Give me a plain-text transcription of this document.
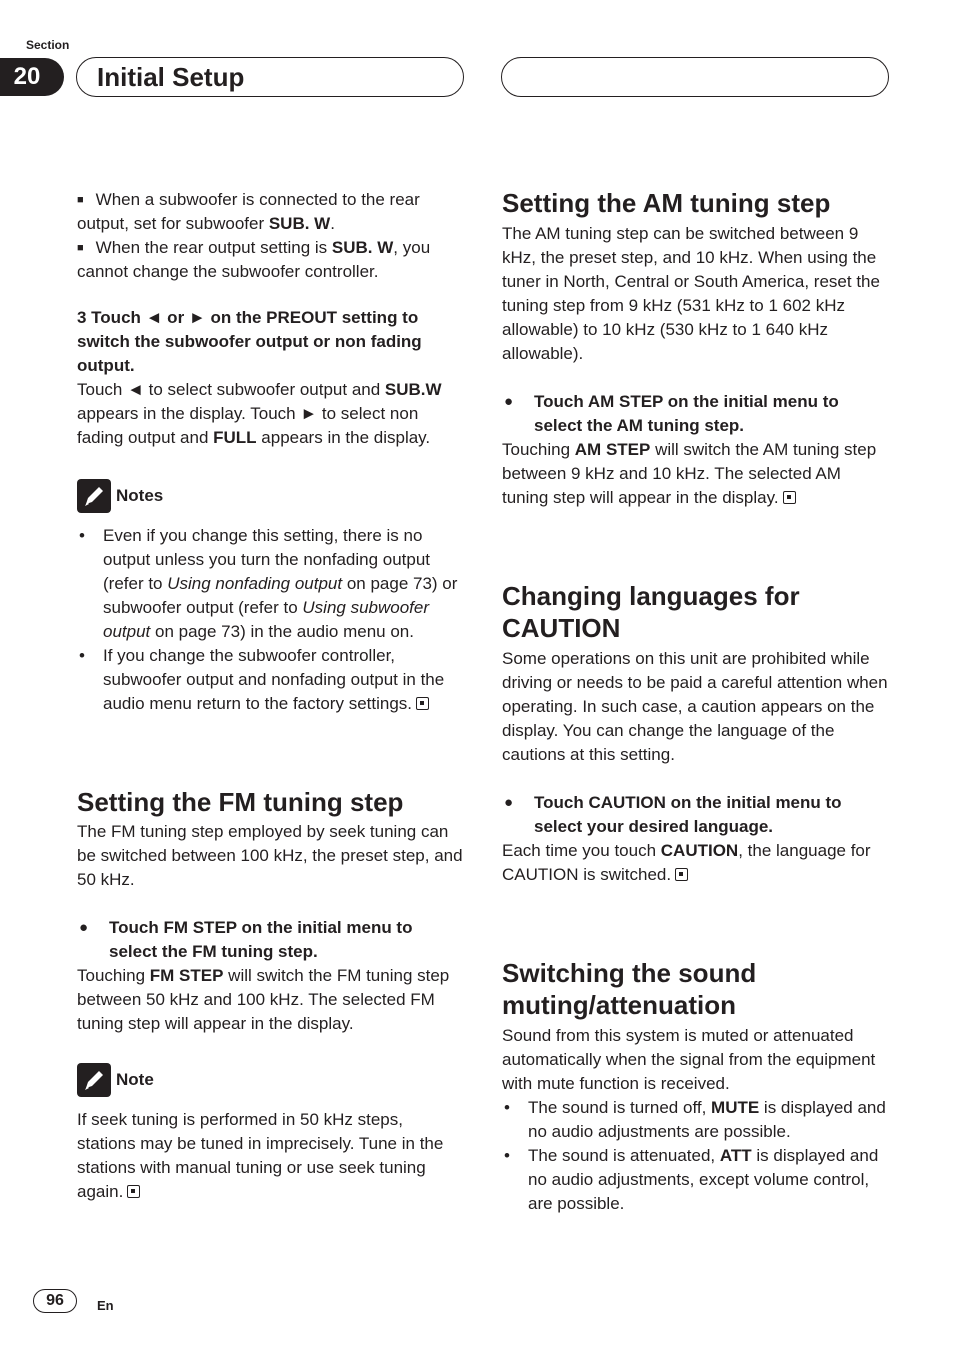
Section
20	Initial Setup

■ When a subwoofer is connected to the rear output, set for subwoofer SUB. W.

■ When the rear output setting is SUB. W, you cannot change the subwoofer controller.

3 Touch ◄ or ► on the PREOUT setting to switch the subwoofer output or non fading output.

Touch ◄ to select subwoofer output and SUB.W appears in the display. Touch ► to select non fading output and FULL appears in the display.

Notes
• Even if you change this setting, there is no output unless you turn the nonfading output (refer to Using nonfading output on page 73) or subwoofer output (refer to Using subwoofer output on page 73) in the audio menu on.
• If you change the subwoofer controller, subwoofer output and nonfading output in the audio menu return to the factory settings.
Setting the FM tuning step

The FM tuning step employed by seek tuning can be switched between 100 kHz, the preset step, and 50 kHz.

● Touch FM STEP on the initial menu to select the FM tuning step.

Touching FM STEP will switch the FM tuning step between 50 kHz and 100 kHz. The selected FM tuning step will appear in the display.

Note

If seek tuning is performed in 50 kHz steps, stations may be tuned in imprecisely. Tune in the stations with manual tuning or use seek tuning again.

Setting the AM tuning step

The AM tuning step can be switched between 9 kHz, the preset step, and 10 kHz. When using the tuner in North, Central or South America, reset the tuning step from 9 kHz (531 kHz to 1 602 kHz allowable) to 10 kHz (530 kHz to 1 640 kHz allowable).

● Touch AM STEP on the initial menu to select the AM tuning step.

Touching AM STEP will switch the AM tuning step between 9 kHz and 10 kHz. The selected AM tuning step will appear in the display.

Changing languages for CAUTION

Some operations on this unit are prohibited while driving or needs to be paid a careful attention when operating. In such case, a caution appears on the display. You can change the language of the cautions at this setting.

● Touch CAUTION on the initial menu to select your desired language.

Each time you touch CAUTION, the language for CAUTION is switched.

Switching the sound muting/attenuation

Sound from this system is muted or attenuated automatically when the signal from the equipment with mute function is received.

• The sound is turned off, MUTE is displayed and no audio adjustments are possible.
• The sound is attenuated, ATT is displayed and no audio adjustments, except volume control, are possible.
96	En
